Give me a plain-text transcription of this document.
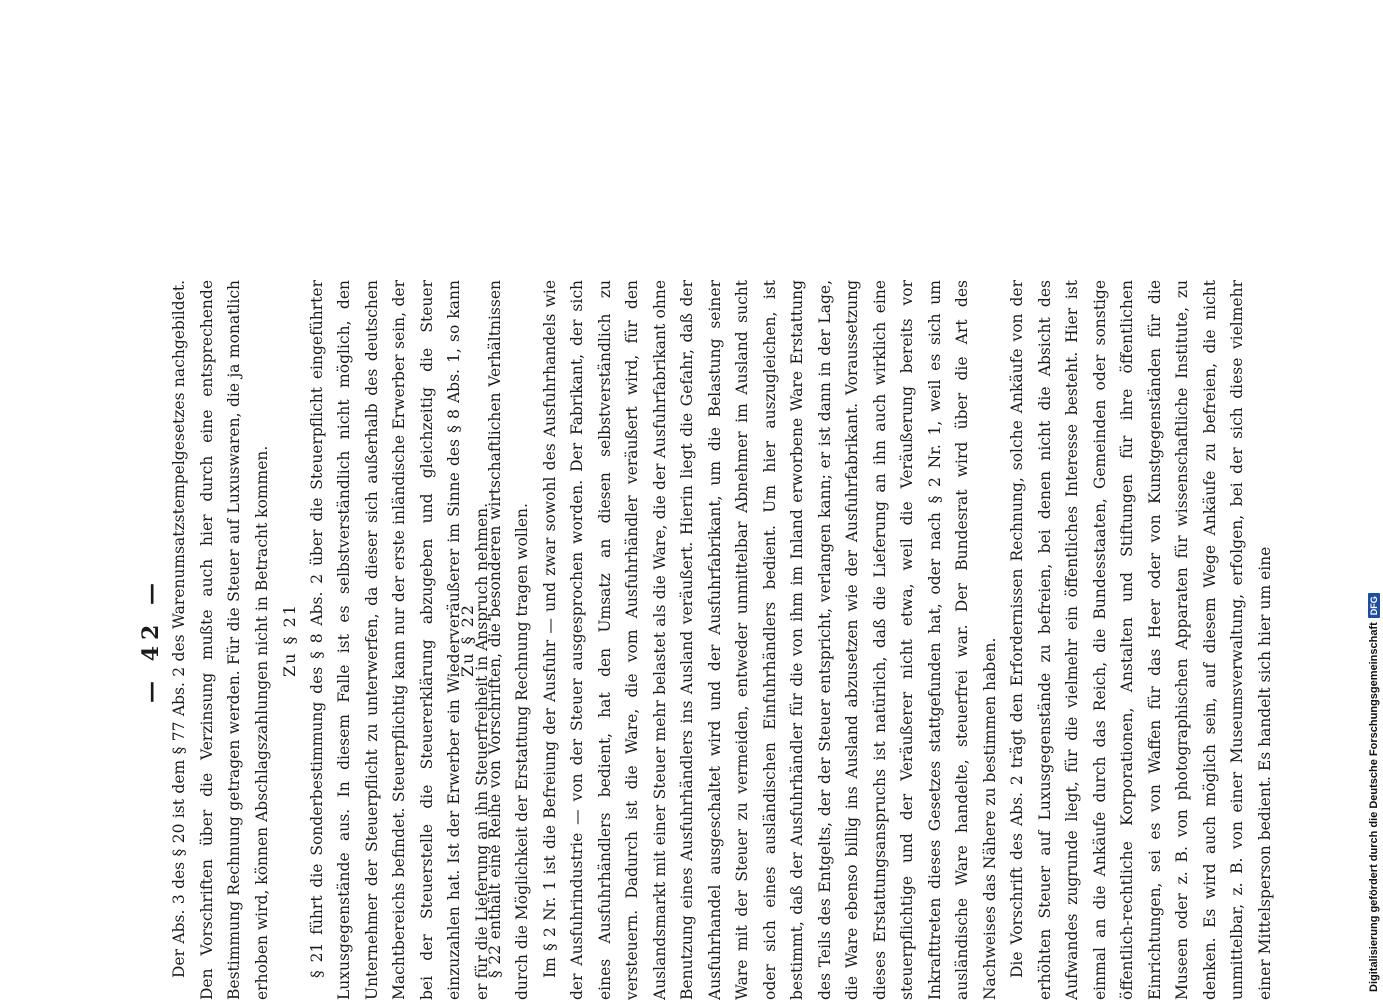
— 42 — Der Abs. 3 des § 20 ist dem § 77 Abs. 2 des Warenumsatzstempelgesetzes nachgebildet. Den Vorschriften über die Verzinsung mußte auch hier durch eine entsprechende Bestimmung Rechnung getragen werden. Für die Steuer auf Luxuswaren, die ja monatlich erhoben wird, können Abschlagszahlungen nicht in Betracht kommen. Zu § 21 § 21 führt die Sonderbestimmung des § 8 Abs. 2 über die Steuerpflicht eingeführter Luxusgegenstände aus. In diesem Falle ist es selbstverständlich nicht möglich, den Unternehmer der Steuerpflicht zu unterwerfen, da dieser sich außerhalb des deutschen Machtbereichs befindet. Steuerpflichtig kann nur der erste inländische Erwerber sein, der bei der Steuerstelle die Steuererklärung abzugeben und gleichzeitig die Steuer einzuzahlen hat. Ist der Erwerber ein Wiederveräußerer im Sinne des § 8 Abs. 1, so kann er für die Lieferung an ihn Steuerfreiheit in Anspruch nehmen.

Zu § 22 § 22 enthält eine Reihe von Vorschriften, die besonderen wirtschaftlichen Verhältnissen durch die Möglichkeit der Erstattung Rechnung tragen wollen. Im § 2 Nr. 1 ist die Befreiung der Ausfuhr — und zwar sowohl des Ausfuhrhandels wie der Ausfuhrindustrie — von der Steuer ausgesprochen worden. Der Fabrikant, der sich eines Ausfuhrhändlers bedient, hat den Umsatz an diesen selbstverständlich zu versteuern. Dadurch ist die Ware, die vom Ausfuhrhändler veräußert wird, für den Auslandsmarkt mit einer Steuer mehr belastet als die Ware, die der Ausfuhrfabrikant ohne Benutzung eines Ausfuhrhändlers ins Ausland veräußert. Hierin liegt die Gefahr, daß der Ausfuhrhandel ausgeschaltet wird und der Ausfuhrfabrikant, um die Belastung seiner Ware mit der Steuer zu vermeiden, entweder unmittelbar Abnehmer im Ausland sucht oder sich eines ausländischen Einfuhrhändlers bedient. Um hier auszugleichen, ist bestimmt, daß der Ausfuhrhändler für die von ihm im Inland erworbene Ware Erstattung des Teils des Entgelts, der der Steuer entspricht, verlangen kann; er ist dann in der Lage, die Ware ebenso billig ins Ausland abzusetzen wie der Ausfuhrfabrikant. Voraussetzung dieses Erstattungsanspruchs ist natürlich, daß die Lieferung an ihn auch wirklich eine steuerpflichtige und der Veräußerer nicht etwa, weil die Veräußerung bereits vor Inkrafttreten dieses Gesetzes stattgefunden hat, oder nach § 2 Nr. 1, weil es sich um ausländische Ware handelte, steuerfrei war. Der Bundesrat wird über die Art des Nachweises das Nähere zu bestimmen haben. Die Vorschrift des Abs. 2 trägt den Erfordernissen Rechnung, solche Ankäufe von der erhöhten Steuer auf Luxusgegenstände zu befreien, bei denen nicht die Absicht des Aufwandes zugrunde liegt, für die vielmehr ein öffentliches Interesse besteht. Hier ist einmal an die Ankäufe durch das Reich, die Bundesstaaten, Gemeinden oder sonstige öffentlich-rechtliche Korporationen, Anstalten und Stiftungen für ihre öffentlichen Einrichtungen, sei es von Waffen für das Heer oder von Kunstgegenständen für die Museen oder z. B. von photographischen Apparaten für wissenschaftliche Institute, zu denken. Es wird auch möglich sein, auf diesem Wege Ankäufe zu befreien, die nicht unmittelbar, z. B. von einer Museumsverwaltung, erfolgen, bei der sich diese vielmehr einer Mittelsperson bedient. Es handelt sich hier um eine	Digitalisierung gefördert durch die Deutsche Forschungsgemeinschaft
DFG
